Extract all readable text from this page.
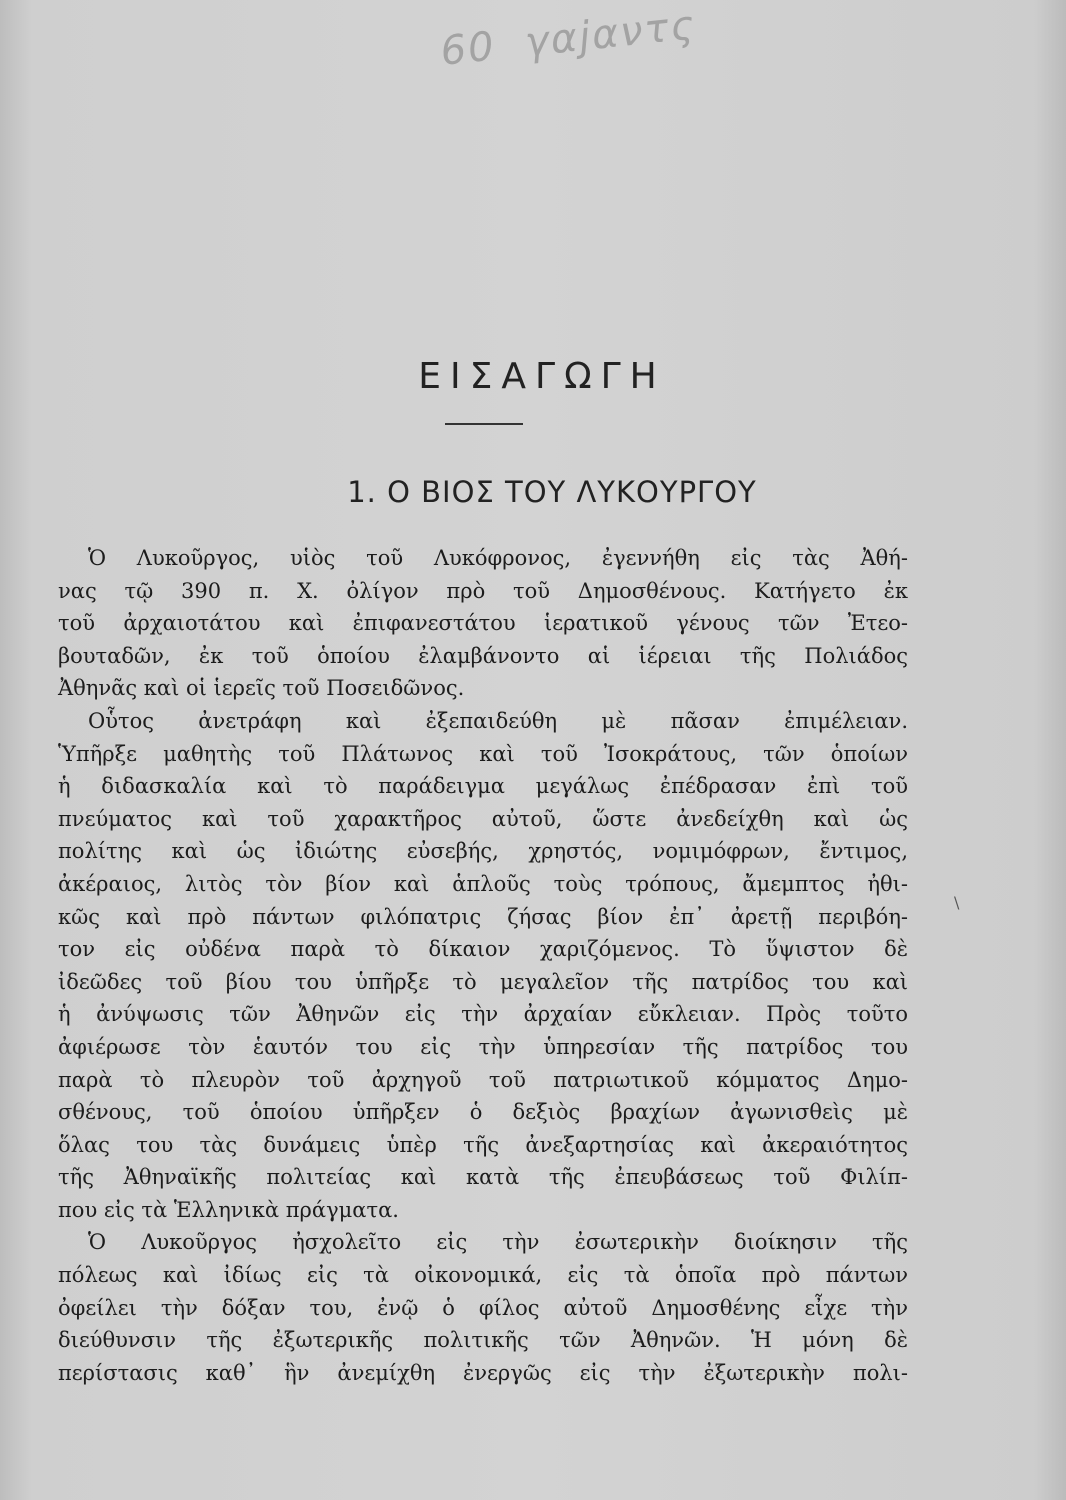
60 γαjαντς
ΕΙΣΑΓΩΓΗ
1. Ο ΒΙΟΣ ΤΟΥ ΛΥΚΟΥΡΓΟΥ
Ὁ Λυκοῦργος, υἱὸς τοῦ Λυκόφρονος, ἐγεννήθη εἰς τὰς Ἀθή-
νας τῷ 390 π. Χ. ὀλίγον πρὸ τοῦ Δημοσθένους. Κατήγετο ἐκ
τοῦ ἀρχαιοτάτου καὶ ἐπιφανεστάτου ἱερατικοῦ γένους τῶν Ἐτεο-
βουταδῶν, ἐκ τοῦ ὁποίου ἐλαμβάνοντο αἱ ἱέρειαι τῆς Πολιάδος
Ἀθηνᾶς καὶ οἱ ἱερεῖς τοῦ Ποσειδῶνος.
Οὗτος ἀνετράφη καὶ ἐξεπαιδεύθη μὲ πᾶσαν ἐπιμέλειαν.
Ὑπῆρξε μαθητὴς τοῦ Πλάτωνος καὶ τοῦ Ἰσοκράτους, τῶν ὁποίων
ἡ διδασκαλία καὶ τὸ παράδειγμα μεγάλως ἐπέδρασαν ἐπὶ τοῦ
πνεύματος καὶ τοῦ χαρακτῆρος αὐτοῦ, ὥστε ἀνεδείχθη καὶ ὡς
πολίτης καὶ ὡς ἰδιώτης εὐσεβής, χρηστός, νομιμόφρων, ἔντιμος,
ἀκέραιος, λιτὸς τὸν βίον καὶ ἁπλοῦς τοὺς τρόπους, ἄμεμπτος ἠθι-
κῶς καὶ πρὸ πάντων φιλόπατρις ζήσας βίον ἐπ᾿ ἀρετῇ περιβόη-
τον εἰς οὐδένα παρὰ τὸ δίκαιον χαριζόμενος. Τὸ ὕψιστον δὲ
ἰδεῶδες τοῦ βίου του ὑπῆρξε τὸ μεγαλεῖον τῆς πατρίδος του καὶ
ἡ ἀνύψωσις τῶν Ἀθηνῶν εἰς τὴν ἀρχαίαν εὔκλειαν. Πρὸς τοῦτο
ἀφιέρωσε τὸν ἑαυτόν του εἰς τὴν ὑπηρεσίαν τῆς πατρίδος του
παρὰ τὸ πλευρὸν τοῦ ἀρχηγοῦ τοῦ πατριωτικοῦ κόμματος Δημο-
σθένους, τοῦ ὁποίου ὑπῆρξεν ὁ δεξιὸς βραχίων ἀγωνισθεὶς μὲ
ὅλας του τὰς δυνάμεις ὑπὲρ τῆς ἀνεξαρτησίας καὶ ἀκεραιότητος
τῆς Ἀθηναϊκῆς πολιτείας καὶ κατὰ τῆς ἐπευβάσεως τοῦ Φιλίπ-
που εἰς τὰ Ἑλληνικὰ πράγματα.
Ὁ Λυκοῦργος ἠσχολεῖτο εἰς τὴν ἐσωτερικὴν διοίκησιν τῆς
πόλεως καὶ ἰδίως εἰς τὰ οἰκονομικά, εἰς τὰ ὁποῖα πρὸ πάντων
ὀφείλει τὴν δόξαν του, ἐνῷ ὁ φίλος αὐτοῦ Δημοσθένης εἶχε τὴν
διεύθυνσιν τῆς ἐξωτερικῆς πολιτικῆς τῶν Ἀθηνῶν. Ἡ μόνη δὲ
περίστασις καθ᾿ ἣν ἀνεμίχθη ἐνεργῶς εἰς τὴν ἐξωτερικὴν πολι-
\
